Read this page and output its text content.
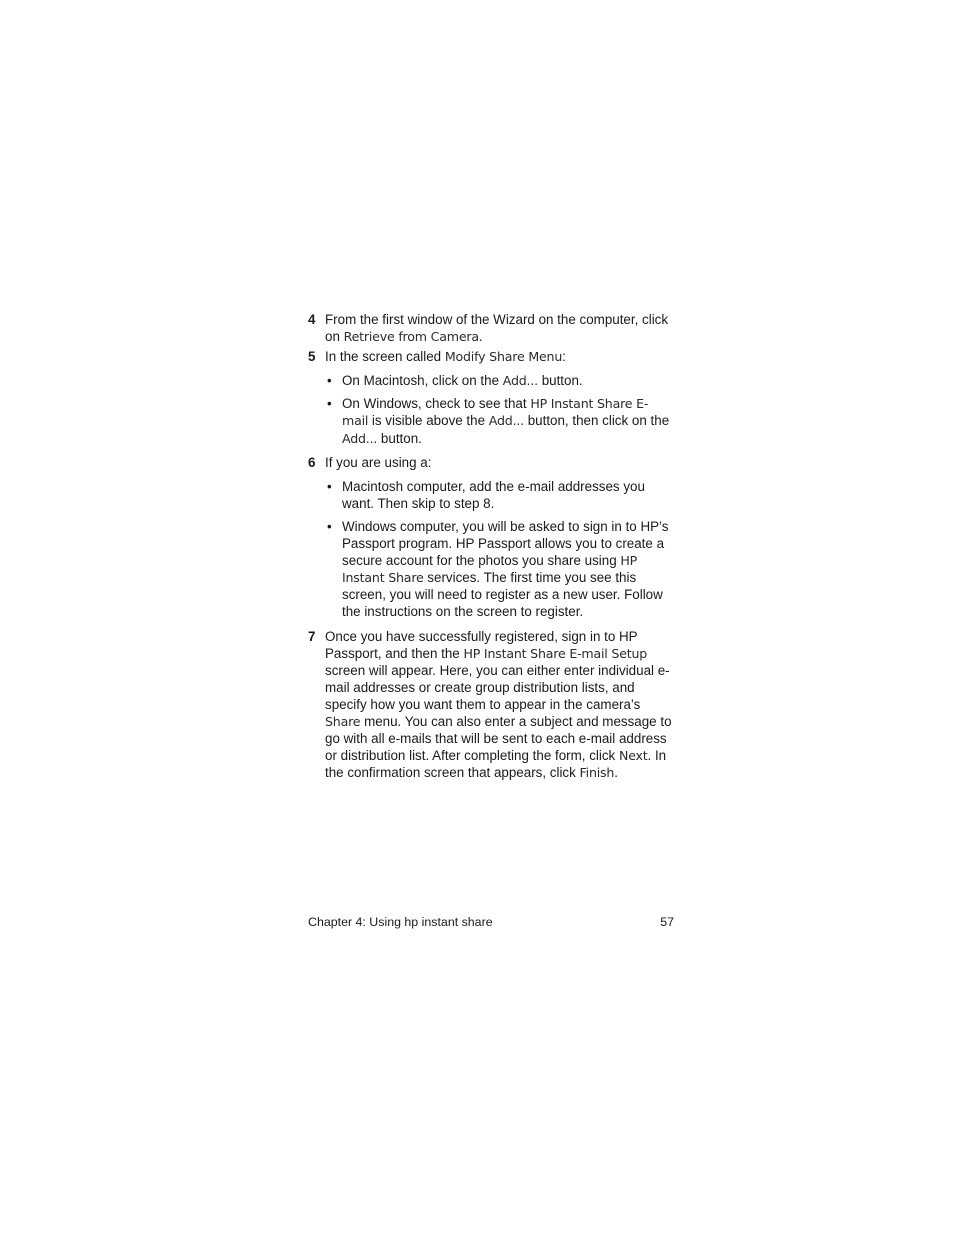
4 From the first window of the Wizard on the computer, click on Retrieve from Camera.
5 In the screen called Modify Share Menu:
• On Macintosh, click on the Add... button.
• On Windows, check to see that HP Instant Share E-mail is visible above the Add... button, then click on the Add... button.
6 If you are using a:
• Macintosh computer, add the e-mail addresses you want. Then skip to step 8.
• Windows computer, you will be asked to sign in to HP’s Passport program. HP Passport allows you to create a secure account for the photos you share using HP Instant Share services. The first time you see this screen, you will need to register as a new user. Follow the instructions on the screen to register.
7 Once you have successfully registered, sign in to HP Passport, and then the HP Instant Share E-mail Setup screen will appear. Here, you can either enter individual e-mail addresses or create group distribution lists, and specify how you want them to appear in the camera’s Share menu. You can also enter a subject and message to go with all e-mails that will be sent to each e-mail address or distribution list. After completing the form, click Next. In the confirmation screen that appears, click Finish.
Chapter 4: Using hp instant share	57
